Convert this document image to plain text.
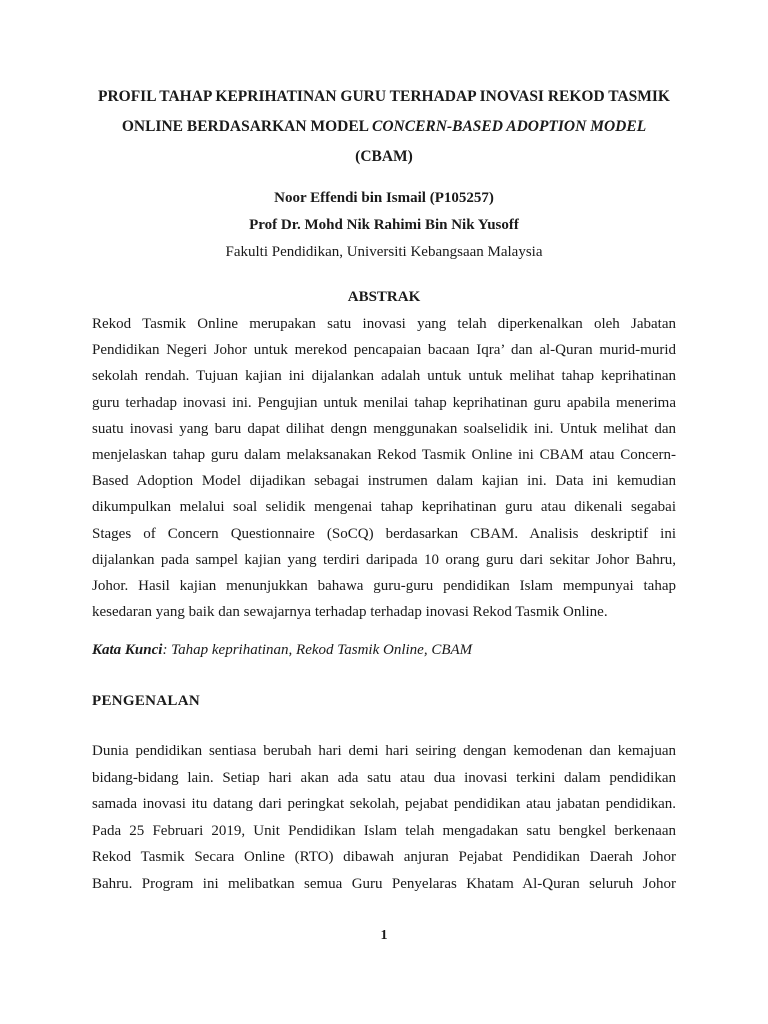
PROFIL TAHAP KEPRIHATINAN GURU TERHADAP INOVASI REKOD TASMIK
ONLINE BERDASARKAN MODEL CONCERN-BASED ADOPTION MODEL
(CBAM)
Noor Effendi bin Ismail (P105257)
Prof Dr. Mohd Nik Rahimi Bin Nik Yusoff
Fakulti Pendidikan, Universiti Kebangsaan Malaysia
ABSTRAK
Rekod Tasmik Online merupakan satu inovasi yang telah diperkenalkan oleh Jabatan
Pendidikan Negeri Johor untuk merekod pencapaian bacaan Iqra’ dan al-Quran murid-murid
sekolah rendah. Tujuan kajian ini dijalankan adalah untuk untuk melihat tahap keprihatinan
guru terhadap inovasi ini. Pengujian untuk menilai tahap keprihatinan guru apabila menerima
suatu inovasi yang baru dapat dilihat dengn menggunakan soalselidik ini. Untuk melihat dan
menjelaskan tahap guru dalam melaksanakan Rekod Tasmik Online ini CBAM atau Concern-
Based Adoption Model dijadikan sebagai instrumen dalam kajian ini. Data ini kemudian
dikumpulkan melalui soal selidik mengenai tahap keprihatinan guru atau dikenali segabai
Stages of Concern Questionnaire (SoCQ) berdasarkan CBAM. Analisis deskriptif ini
dijalankan pada sampel kajian yang terdiri daripada 10 orang guru dari sekitar Johor Bahru,
Johor. Hasil kajian menunjukkan bahawa guru-guru pendidikan Islam mempunyai tahap
kesedaran yang baik dan sewajarnya terhadap terhadap inovasi Rekod Tasmik Online.
Kata Kunci: Tahap keprihatinan, Rekod Tasmik Online, CBAM
PENGENALAN
Dunia pendidikan sentiasa berubah hari demi hari seiring dengan kemodenan dan kemajuan
bidang-bidang lain. Setiap hari akan ada satu atau dua inovasi terkini dalam pendidikan
samada inovasi itu datang dari peringkat sekolah, pejabat pendidikan atau jabatan pendidikan.
Pada 25 Februari 2019, Unit Pendidikan Islam telah mengadakan satu bengkel berkenaan
Rekod Tasmik Secara Online (RTO) dibawah anjuran Pejabat Pendidikan Daerah Johor
Bahru. Program ini melibatkan semua Guru Penyelaras Khatam Al-Quran seluruh Johor
1
